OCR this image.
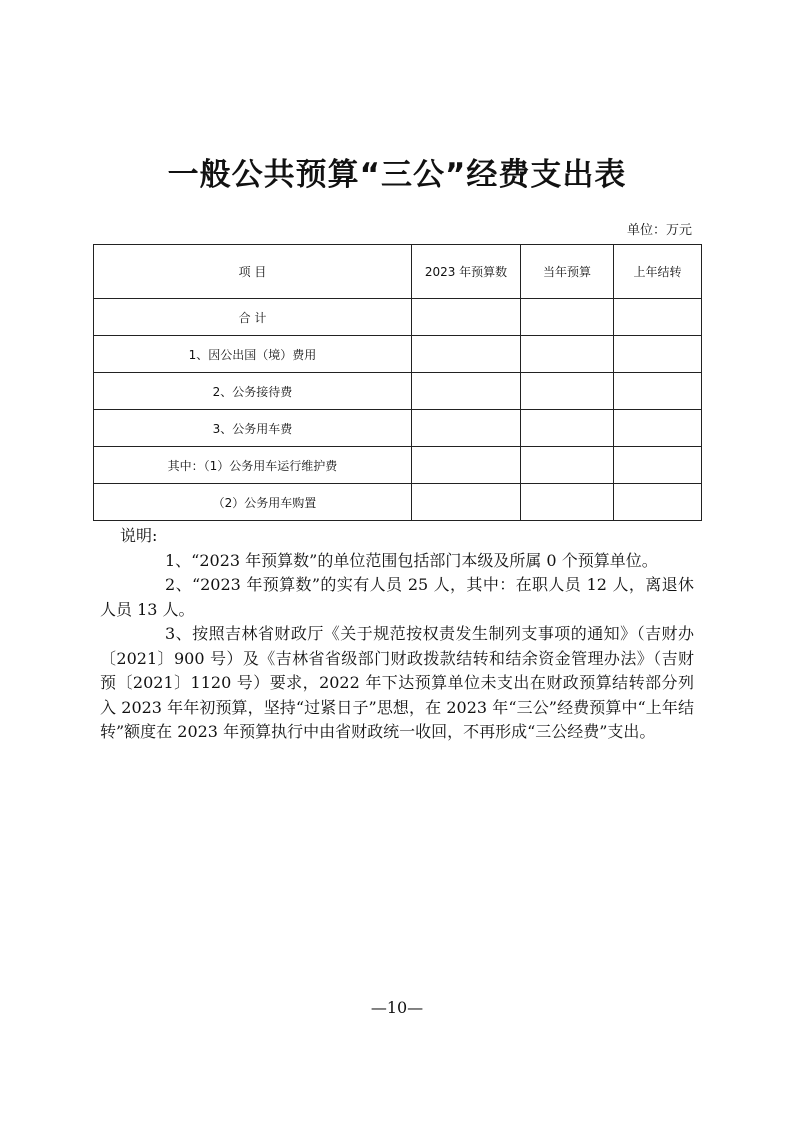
一般公共预算“三公”经费支出表
单位：万元
项 目	2023 年预算数	当年预算	上年结转
合 计			
1、因公出国（境）费用			
2、公务接待费			
3、公务用车费			
其中：（1）公务用车运行维护费			
（2）公务用车购置			

说明:

1、“2023 年预算数”的单位范围包括部门本级及所属 0 个预算单位。

2、“2023 年预算数”的实有人员 25 人，其中：在职人员 12 人，离退休人员 13 人。

3、按照吉林省财政厅《关于规范按权责发生制列支事项的通知》（吉财办〔2021〕900 号）及《吉林省省级部门财政拨款结转和结余资金管理办法》（吉财预〔2021〕1120 号）要求，2022 年下达预算单位未支出在财政预算结转部分列入 2023 年年初预算，坚持“过紧日子”思想，在 2023 年“三公”经费预算中“上年结转”额度在 2023 年预算执行中由省财政统一收回，不再形成“三公经费”支出。

—10—
